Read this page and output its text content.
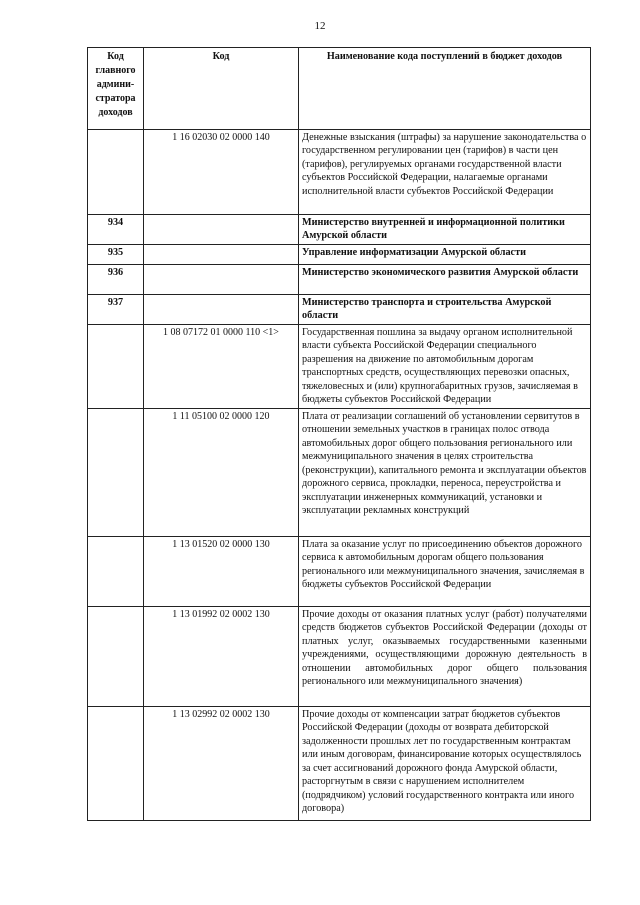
12
Код главного админи-стратора доходов	Код	Наименование кода поступлений в бюджет доходов
	1 16 02030 02 0000 140	Денежные взыскания (штрафы) за нарушение законодательства о государственном регулировании цен (тарифов) в части цен (тарифов), регулируемых органами государственной власти субъектов Российской Федерации, налагаемые органами исполнительной власти субъектов Российской Федерации
934		Министерство внутренней и информационной политики Амурской области
935		Управление информатизации Амурской области
936		Министерство экономического развития Амурской области
937		Министерство транспорта и строительства Амурской области
	1 08 07172 01 0000 110 <1>	Государственная пошлина за выдачу органом исполнительной власти субъекта Российской Федерации специального разрешения на движение по автомобильным дорогам транспортных средств, осуществляющих перевозки опасных, тяжеловесных и (или) крупногабаритных грузов, зачисляемая в бюджеты субъектов Российской Федерации
	1 11 05100 02 0000 120	Плата от реализации соглашений об установлении сервитутов в отношении земельных участков в границах полос отвода автомобильных дорог общего пользования регионального или межмуниципального значения в целях строительства (реконструкции), капитального ремонта и эксплуатации объектов дорожного сервиса, прокладки, переноса, переустройства и эксплуатации инженерных коммуникаций, установки и эксплуатации рекламных конструкций
	1 13 01520 02 0000 130	Плата за оказание услуг по присоединению объектов дорожного сервиса к автомобильным дорогам общего пользования регионального или межмуниципального значения, зачисляемая в бюджеты субъектов Российской Федерации
	1 13 01992 02 0002 130	Прочие доходы от оказания платных услуг (работ) получателями средств бюджетов субъектов Российской Федерации (доходы от платных услуг, оказываемых государственными казенными учреждениями, осуществляющими дорожную деятельность в отношении автомобильных дорог общего пользования регионального или межмуниципального значения)
	1 13 02992 02 0002 130	Прочие доходы от компенсации затрат бюджетов субъектов Российской Федерации (доходы от возврата дебиторской задолженности прошлых лет по государственным контрактам или иным договорам, финансирование которых осуществлялось за счет ассигнований дорожного фонда Амурской области, расторгнутым в связи с нарушением исполнителем (подрядчиком) условий государственного контракта или иного договора)
